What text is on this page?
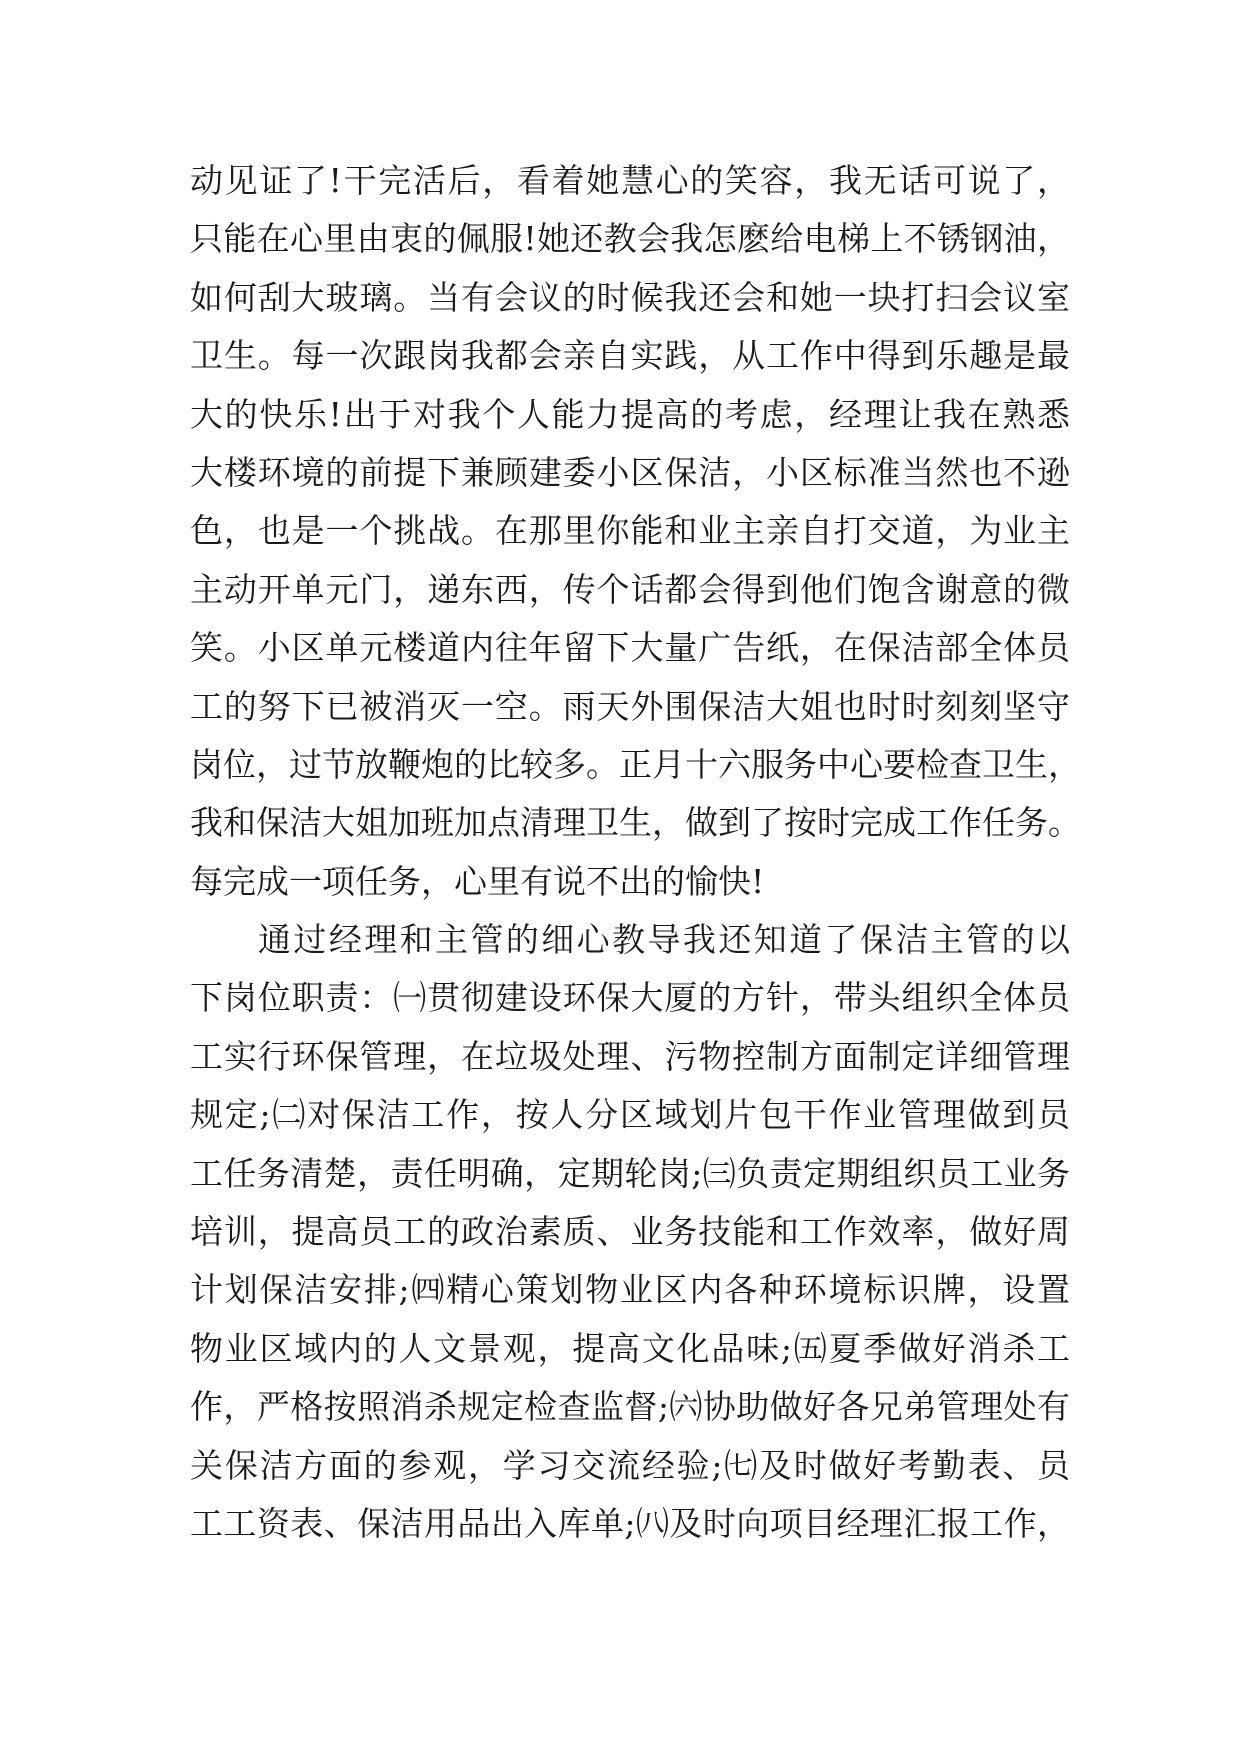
动见证了!干完活后，看着她慧心的笑容，我无话可说了，
只能在心里由衷的佩服!她还教会我怎麽给电梯上不锈钢油，
如何刮大玻璃。当有会议的时候我还会和她一块打扫会议室
卫生。每一次跟岗我都会亲自实践，从工作中得到乐趣是最
大的快乐!出于对我个人能力提高的考虑，经理让我在熟悉
大楼环境的前提下兼顾建委小区保洁，小区标准当然也不逊
色，也是一个挑战。在那里你能和业主亲自打交道，为业主
主动开单元门，递东西，传个话都会得到他们饱含谢意的微
笑。小区单元楼道内往年留下大量广告纸，在保洁部全体员
工的努下已被消灭一空。雨天外围保洁大姐也时时刻刻坚守
岗位，过节放鞭炮的比较多。正月十六服务中心要检查卫生，
我和保洁大姐加班加点清理卫生，做到了按时完成工作任务。
每完成一项任务，心里有说不出的愉快!
通过经理和主管的细心教导我还知道了保洁主管的以
下岗位职责：㈠贯彻建设环保大厦的方针，带头组织全体员
工实行环保管理，在垃圾处理、污物控制方面制定详细管理
规定;㈡对保洁工作，按人分区域划片包干作业管理做到员
工任务清楚，责任明确，定期轮岗;㈢负责定期组织员工业务
培训，提高员工的政治素质、业务技能和工作效率，做好周
计划保洁安排;㈣精心策划物业区内各种环境标识牌，设置
物业区域内的人文景观，提高文化品味;㈤夏季做好消杀工
作，严格按照消杀规定检查监督;㈥协助做好各兄弟管理处有
关保洁方面的参观，学习交流经验;㈦及时做好考勤表、员
工工资表、保洁用品出入库单;㈧及时向项目经理汇报工作，
